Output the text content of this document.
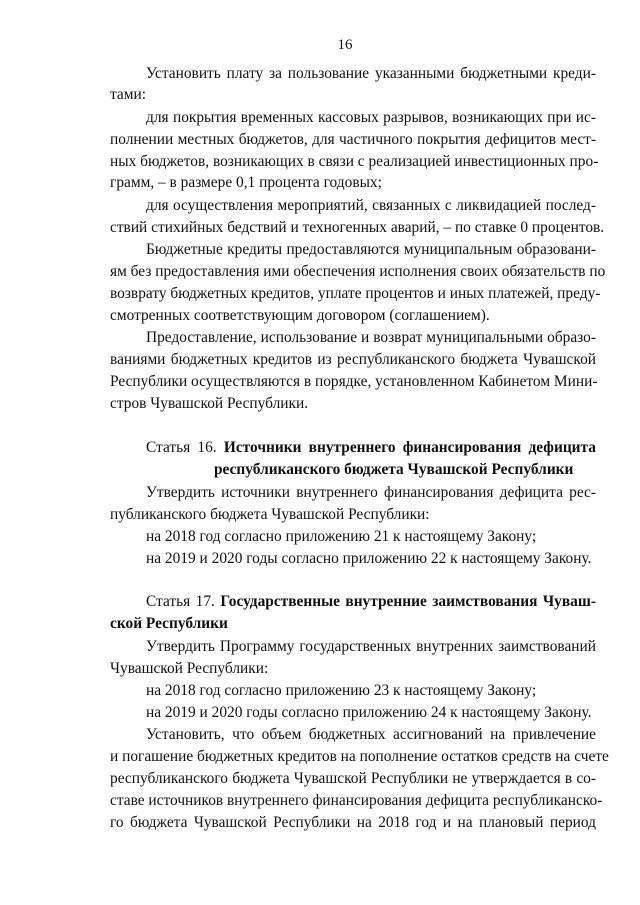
16
Установить плату за пользование указанными бюджетными креди-
тами:
для покрытия временных кассовых разрывов, возникающих при ис-
полнении местных бюджетов, для частичного покрытия дефицитов мест-
ных бюджетов, возникающих в связи с реализацией инвестиционных про-
грамм, – в размере 0,1 процента годовых;
для осуществления мероприятий, связанных с ликвидацией послед-
ствий стихийных бедствий и техногенных аварий, – по ставке 0 процентов.
Бюджетные кредиты предоставляются муниципальным образовани-
ям без предоставления ими обеспечения исполнения своих обязательств по
возврату бюджетных кредитов, уплате процентов и иных платежей, преду-
смотренных соответствующим договором (соглашением).
Предоставление, использование и возврат муниципальными образо-
ваниями бюджетных кредитов из республиканского бюджета Чувашской
Республики осуществляются в порядке, установленном Кабинетом Мини-
стров Чувашской Республики.
Статья 16. Источники внутреннего финансирования дефицита
республиканского бюджета Чувашской Республики
Утвердить источники внутреннего финансирования дефицита рес-
публиканского бюджета Чувашской Республики:
на 2018 год согласно приложению 21 к настоящему Закону;
на 2019 и 2020 годы согласно приложению 22 к настоящему Закону.
Статья 17. Государственные внутренние заимствования Чуваш-
ской Республики
Утвердить Программу государственных внутренних заимствований
Чувашской Республики:
на 2018 год согласно приложению 23 к настоящему Закону;
на 2019 и 2020 годы согласно приложению 24 к настоящему Закону.
Установить, что объем бюджетных ассигнований на привлечение
и погашение бюджетных кредитов на пополнение остатков средств на счете
республиканского бюджета Чувашской Республики не утверждается в со-
ставе источников внутреннего финансирования дефицита республиканско-
го бюджета Чувашской Республики на 2018 год и на плановый период
